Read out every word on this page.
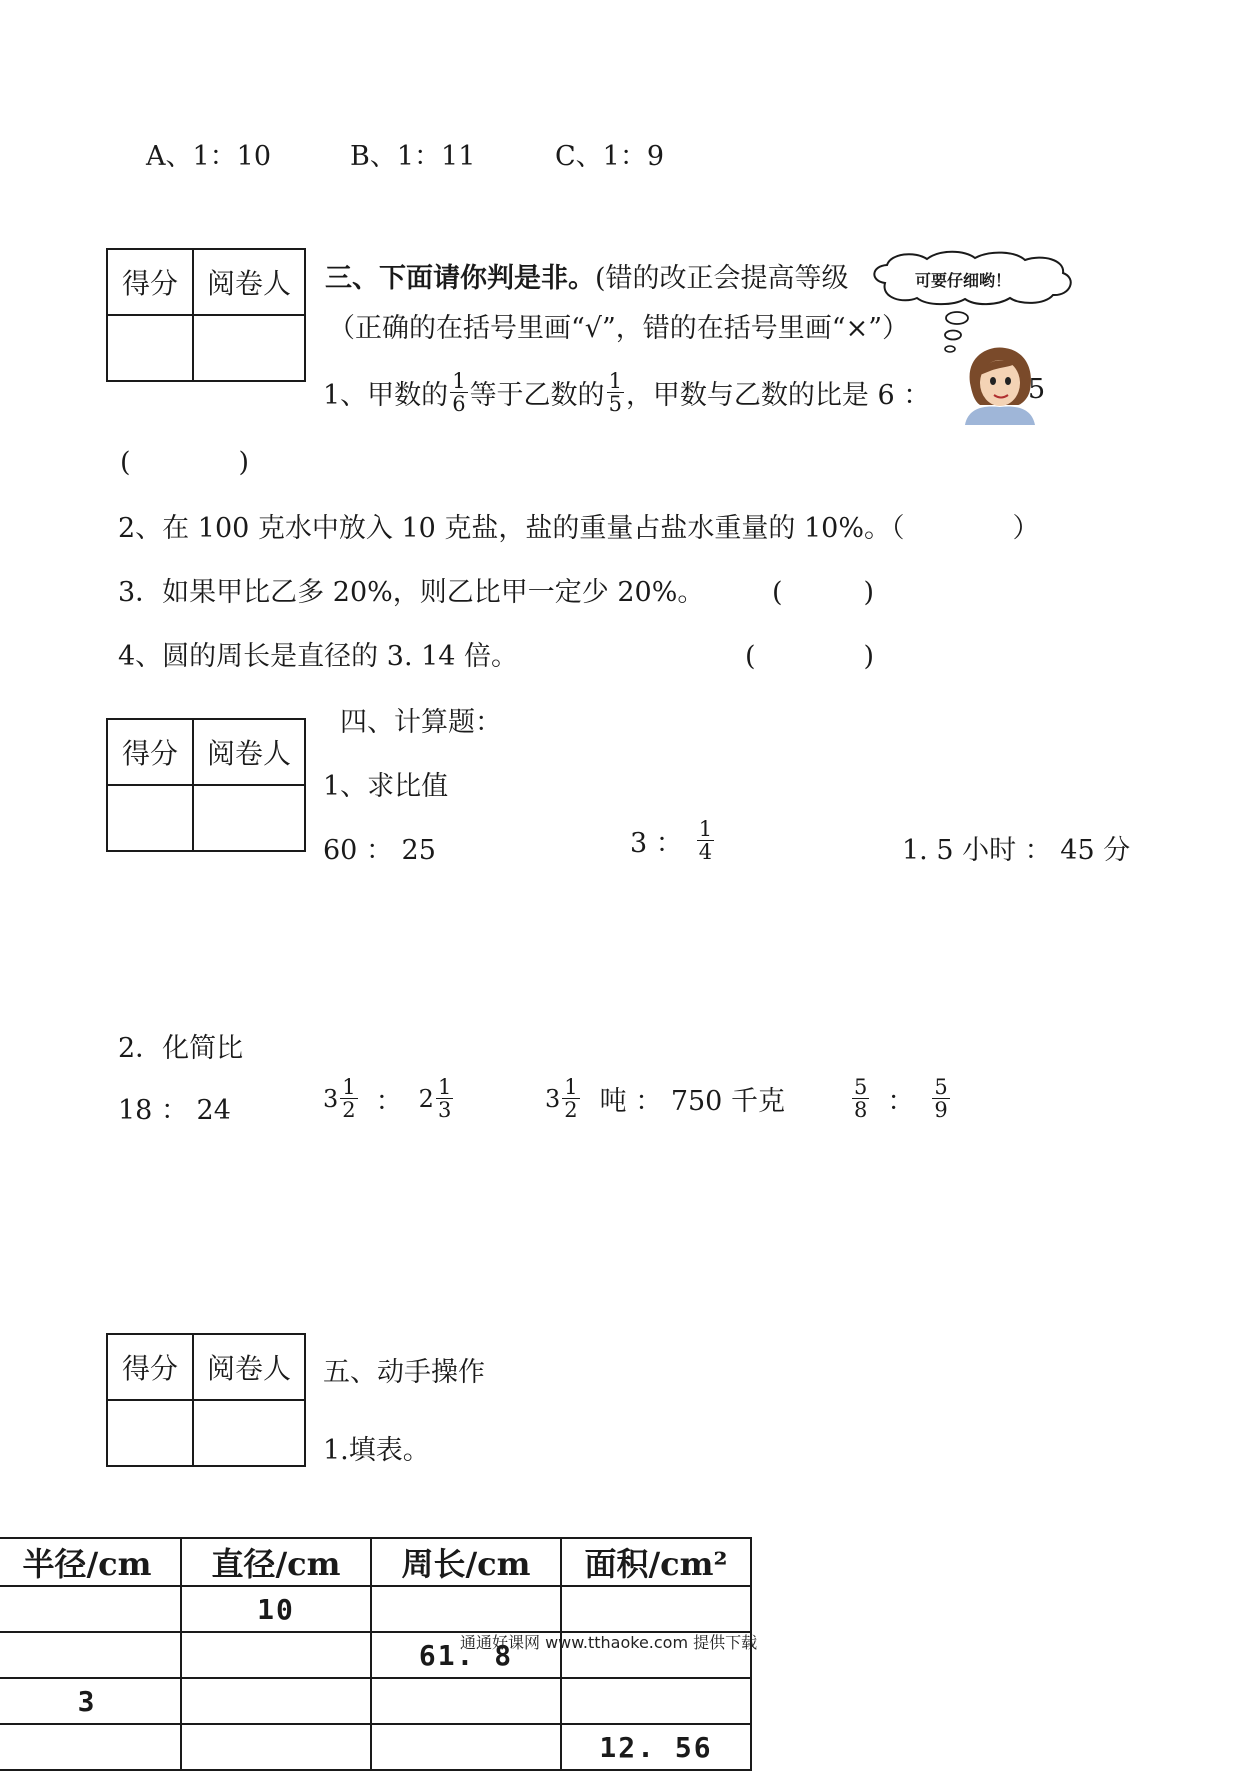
A、1：10	B、1：11	C、1：9
得分	阅卷人
	三、下面请你判是非。(错的改正会提高等级
（正确的在括号里画“√”，错的在括号里画“×”）
可要仔细哟！
1、甲数的 $\frac{1}{6}$ 等于乙数的 $\frac{1}{5}$ ，甲数与乙数的比是 6 ：	5
(　　　　)
2、在 100 克水中放入 10 克盐，盐的重量占盐水重量的 10%。（　　　　）
3．如果甲比乙多 20%，则乙比甲一定少 20%。	(　　　)
4、圆的周长是直径的 3. 14 倍。	(　　　　)
得分	阅卷人

四、计算题：
1、求比值
60 ： 25	3 ： $\frac{1}{4}$	1. 5 小时 ： 45 分
2．化简比
18 ： 24	$3 \frac{1}{2}$ ： $2 \frac{1}{3}$	$3 \frac{1}{2}$ 吨 ： 750 千克	$\frac{5}{8}$ ： $\frac{5}{9}$
得分	阅卷人
	五、动手操作
1.填表。
半径/cm	直径/cm	周长/cm	面积/cm²
	10		
		61. 8	
3			
			12. 56
通通好课网 www.tthaoke.com 提供下载
